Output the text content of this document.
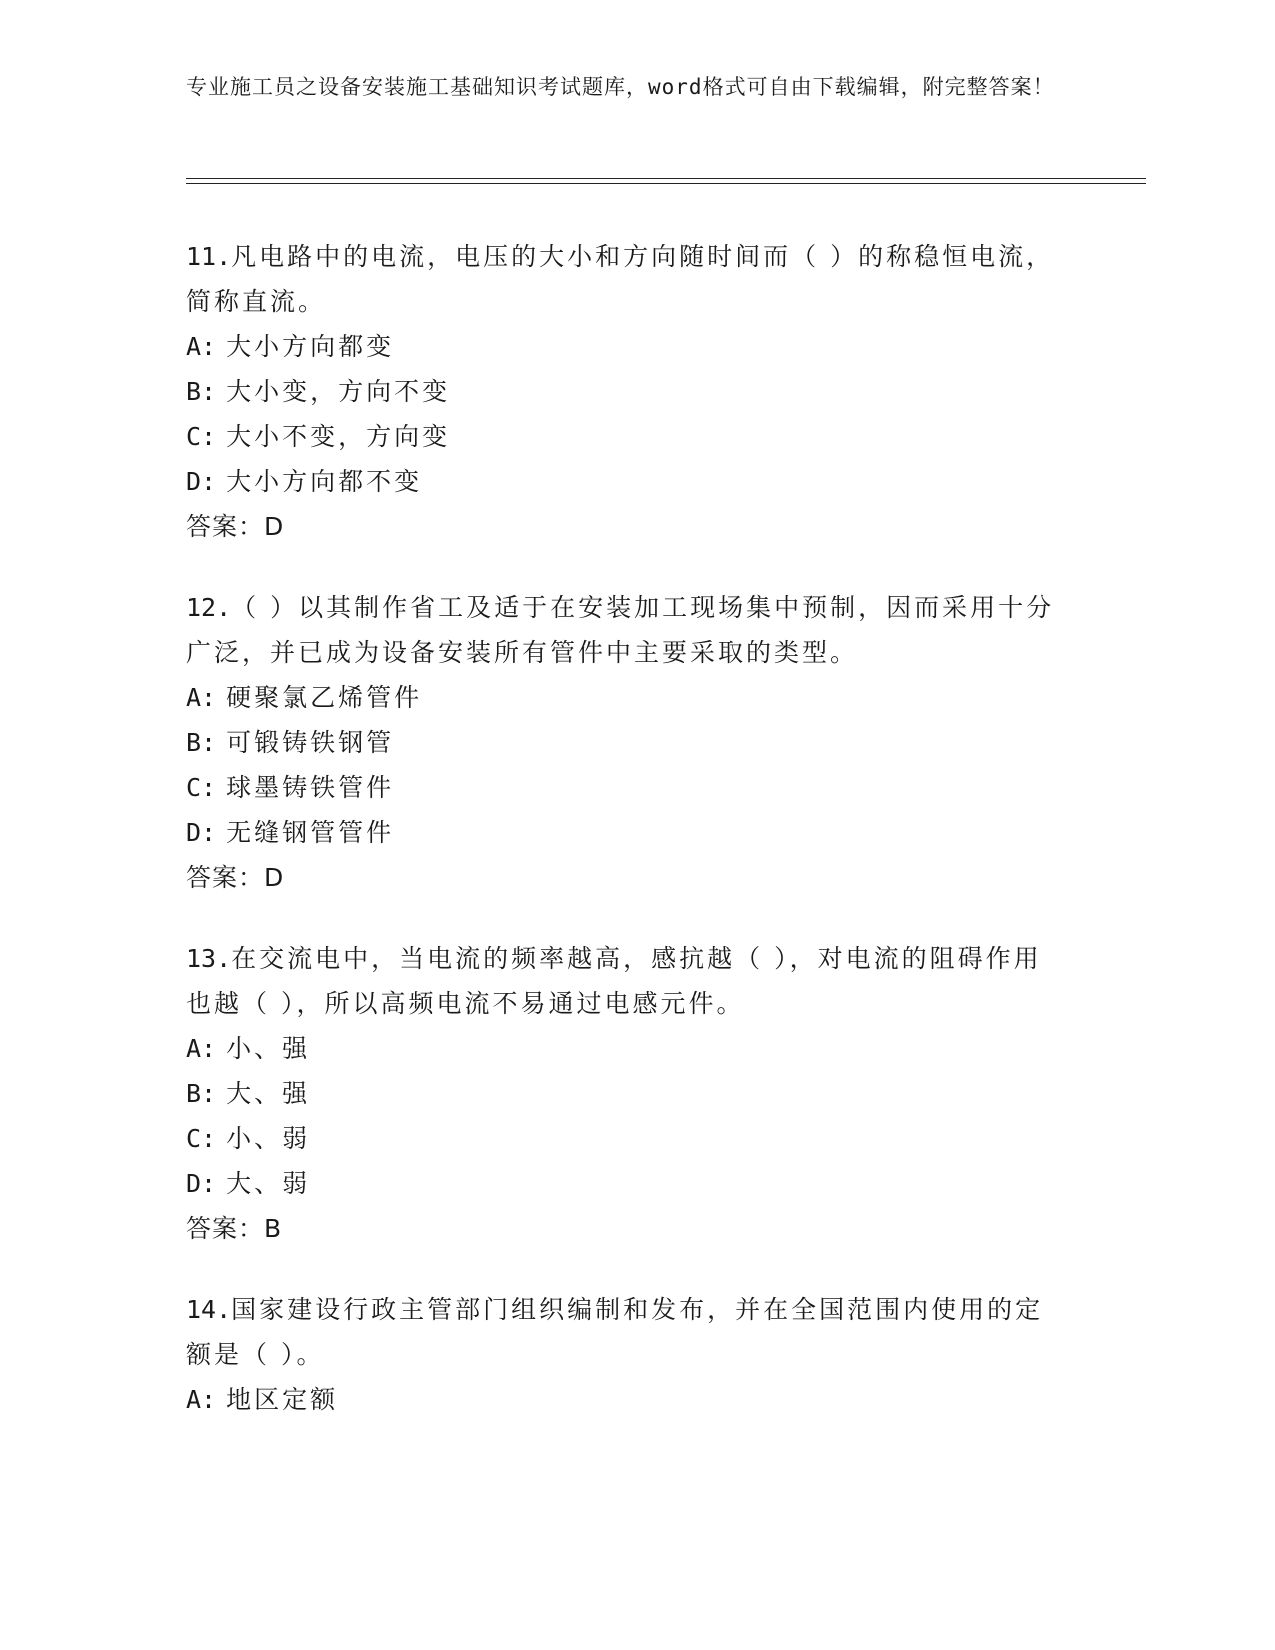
专业施工员之设备安装施工基础知识考试题库，word格式可自由下载编辑，附完整答案！

11.凡电路中的电流，电压的大小和方向随时间而（ ）的称稳恒电流，简称直流。

A: 大小方向都变

B: 大小变，方向不变

C: 大小不变，方向变

D: 大小方向都不变

答案：D

12.（ ）以其制作省工及适于在安装加工现场集中预制，因而采用十分广泛，并已成为设备安装所有管件中主要采取的类型。

A: 硬聚氯乙烯管件

B: 可锻铸铁钢管

C: 球墨铸铁管件

D: 无缝钢管管件

答案：D

13.在交流电中，当电流的频率越高，感抗越（ ），对电流的阻碍作用也越（ ），所以高频电流不易通过电感元件。

A: 小、强

B: 大、强

C: 小、弱

D: 大、弱

答案：B

14.国家建设行政主管部门组织编制和发布，并在全国范围内使用的定额是（ ）。

A: 地区定额
